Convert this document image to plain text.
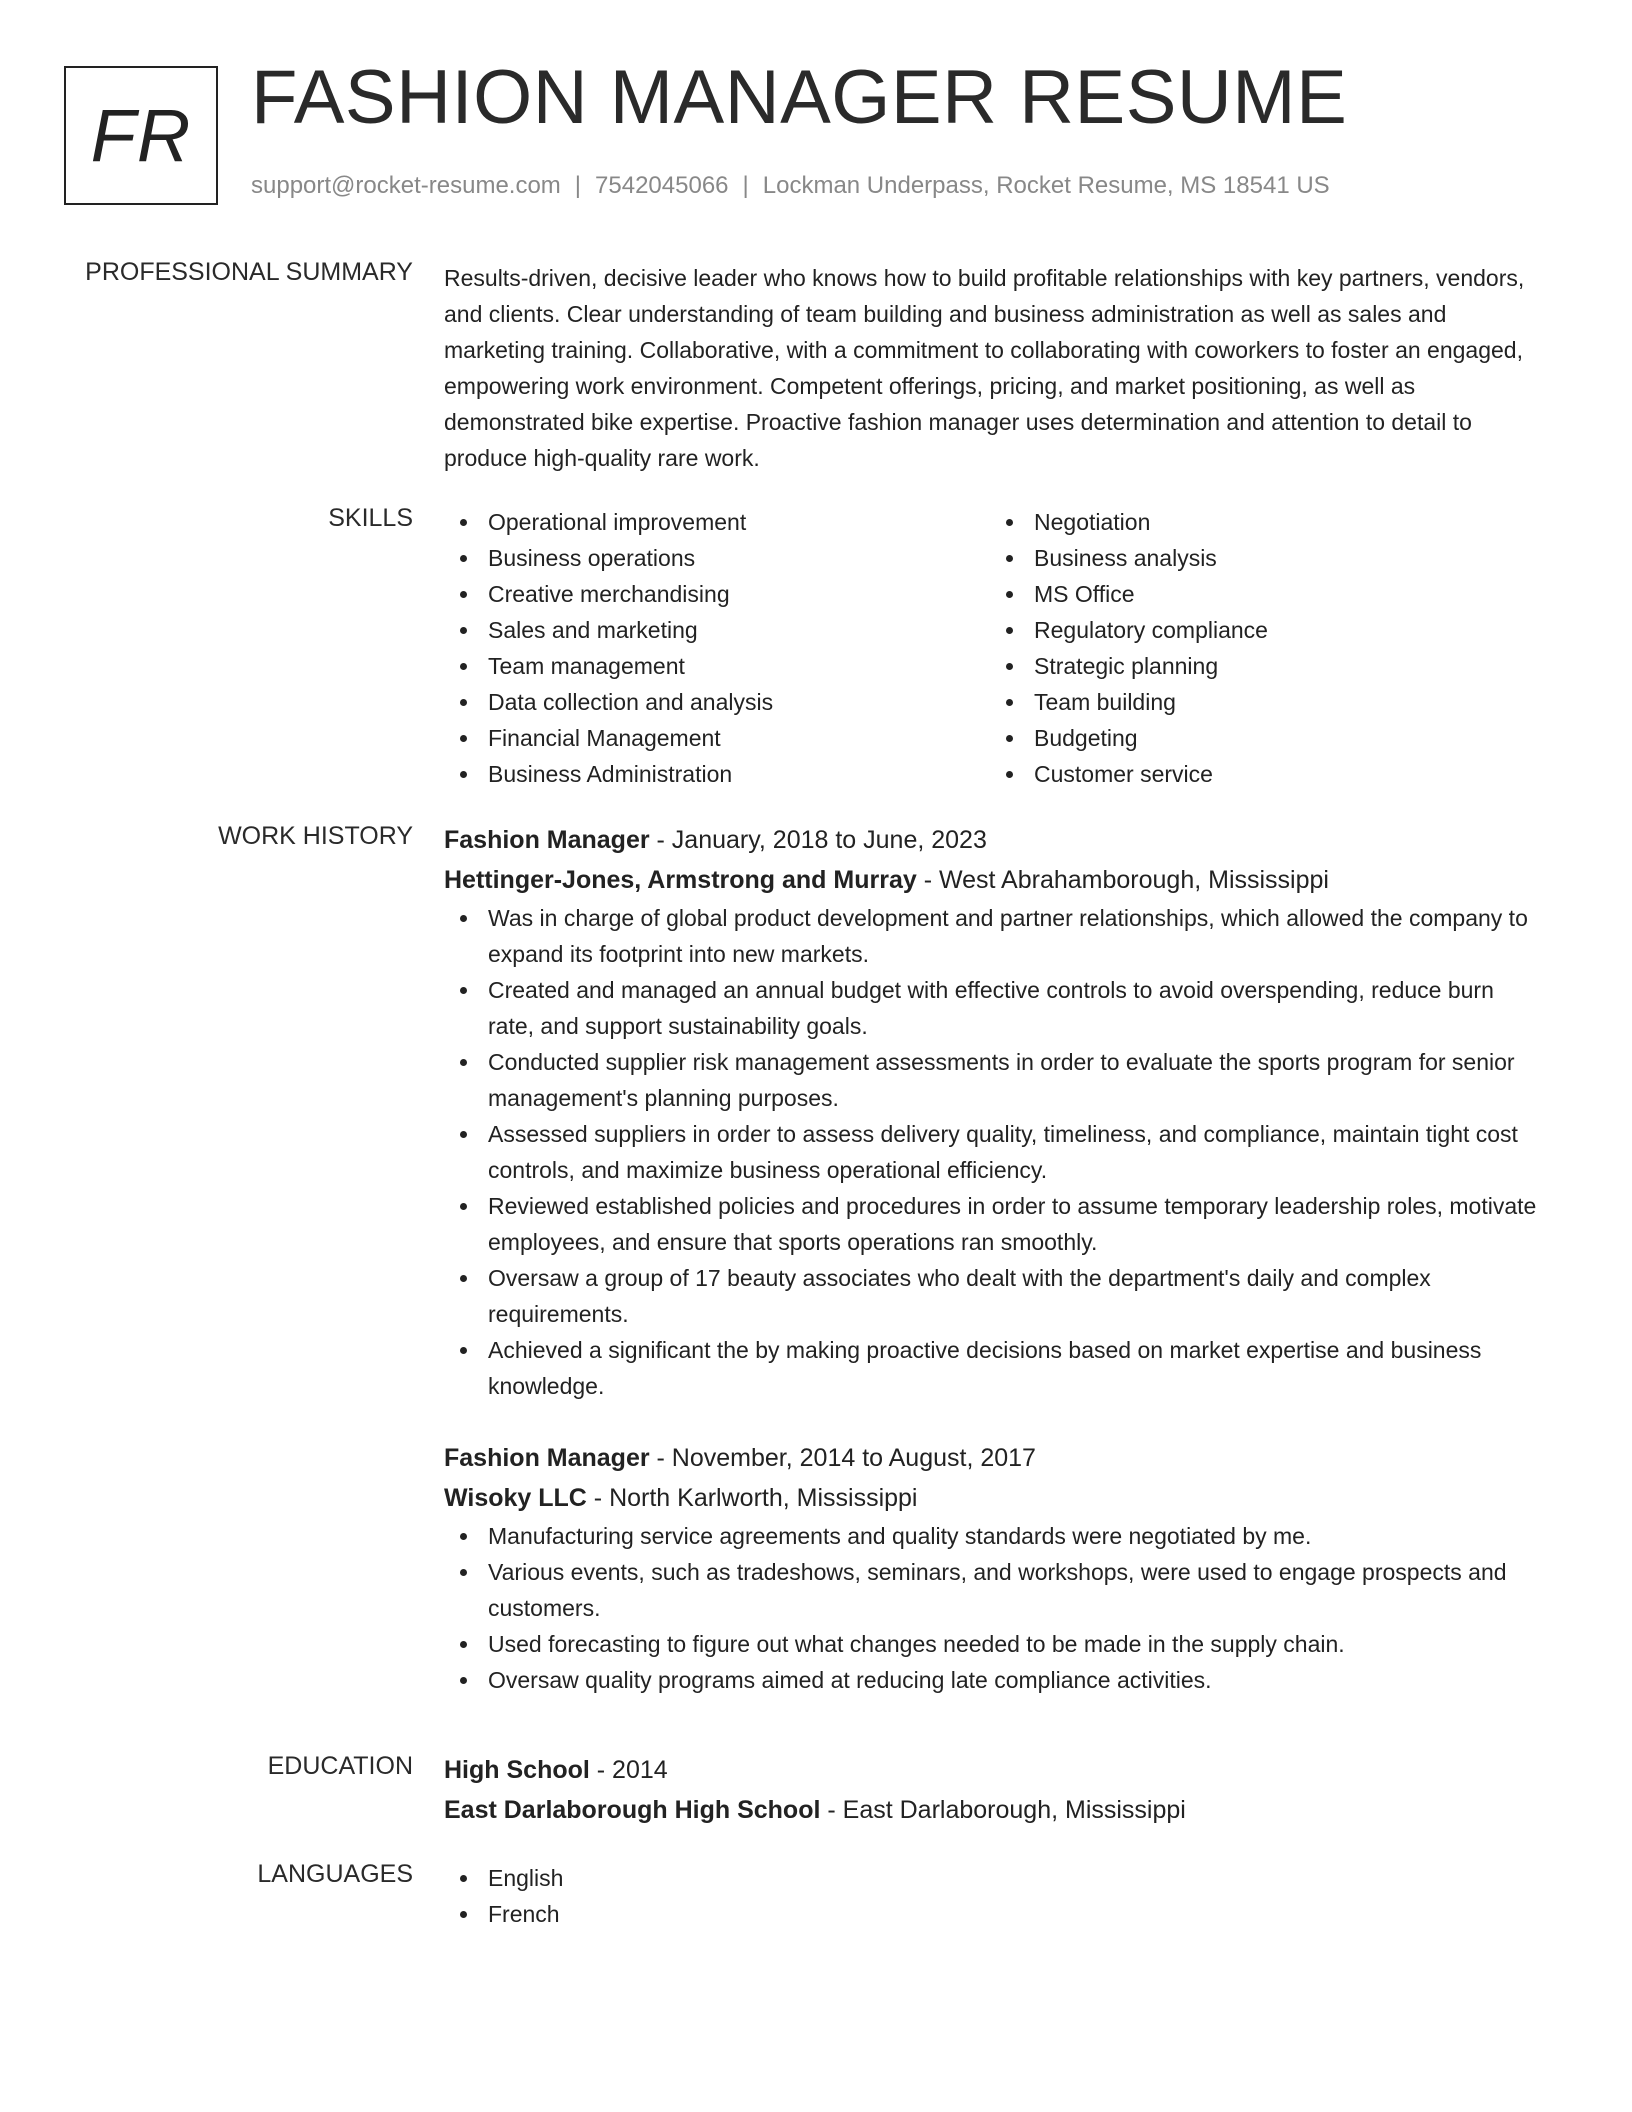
FR FASHION MANAGER RESUME
support@rocket-resume.com | 7542045066 | Lockman Underpass, Rocket Resume, MS 18541 US
PROFESSIONAL SUMMARY Results-driven, decisive leader who knows how to build profitable relationships with key partners, vendors, and clients. Clear understanding of team building and business administration as well as sales and marketing training. Collaborative, with a commitment to collaborating with coworkers to foster an engaged, empowering work environment. Competent offerings, pricing, and market positioning, as well as demonstrated bike expertise. Proactive fashion manager uses determination and attention to detail to produce high-quality rare work.

SKILLS	Operational improvement
Business operations
Creative merchandising
Sales and marketing
Team management
Data collection and analysis
Financial Management
Business Administration
Negotiation
Business analysis
MS Office
Regulatory compliance
Strategic planning
Team building
Budgeting
Customer service
WORK HISTORY Fashion Manager - January, 2018 to June, 2023
Hettinger-Jones, Armstrong and Murray - West Abrahamborough, Mississippi
Was in charge of global product development and partner relationships, which allowed the company to expand its footprint into new markets.
Created and managed an annual budget with effective controls to avoid overspending, reduce burn rate, and support sustainability goals.
Conducted supplier risk management assessments in order to evaluate the sports program for senior management's planning purposes.
Assessed suppliers in order to assess delivery quality, timeliness, and compliance, maintain tight cost controls, and maximize business operational efficiency.
Reviewed established policies and procedures in order to assume temporary leadership roles, motivate employees, and ensure that sports operations ran smoothly.
Oversaw a group of 17 beauty associates who dealt with the department's daily and complex requirements.
Achieved a significant the by making proactive decisions based on market expertise and business knowledge.
Fashion Manager - November, 2014 to August, 2017
Wisoky LLC - North Karlworth, Mississippi
Manufacturing service agreements and quality standards were negotiated by me.
Various events, such as tradeshows, seminars, and workshops, were used to engage prospects and customers.
Used forecasting to figure out what changes needed to be made in the supply chain.
Oversaw quality programs aimed at reducing late compliance activities.
EDUCATION High School - 2014
East Darlaborough High School - East Darlaborough, Mississippi
LANGUAGES	English
French
